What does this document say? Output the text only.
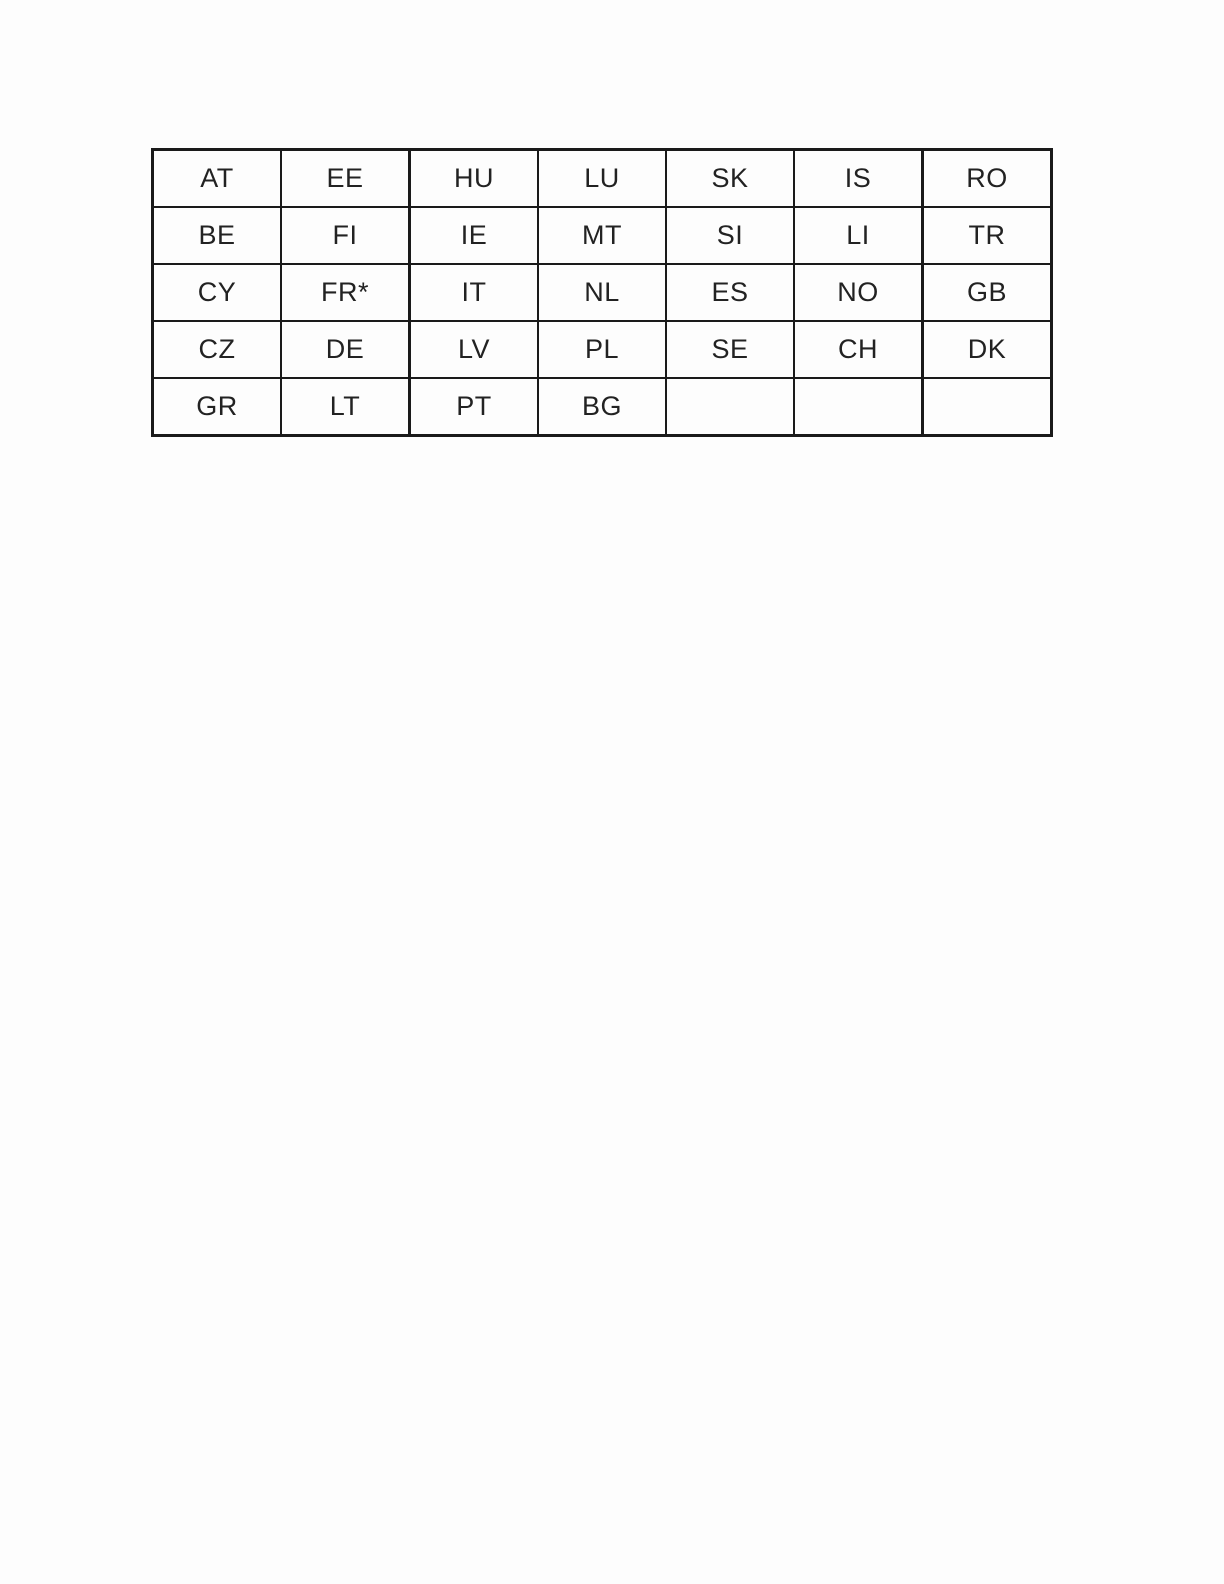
AT	EE	HU	LU	SK	IS	RO
BE	FI	IE	MT	SI	LI	TR
CY	FR*	IT	NL	ES	NO	GB
CZ	DE	LV	PL	SE	CH	DK
GR	LT	PT	BG			
